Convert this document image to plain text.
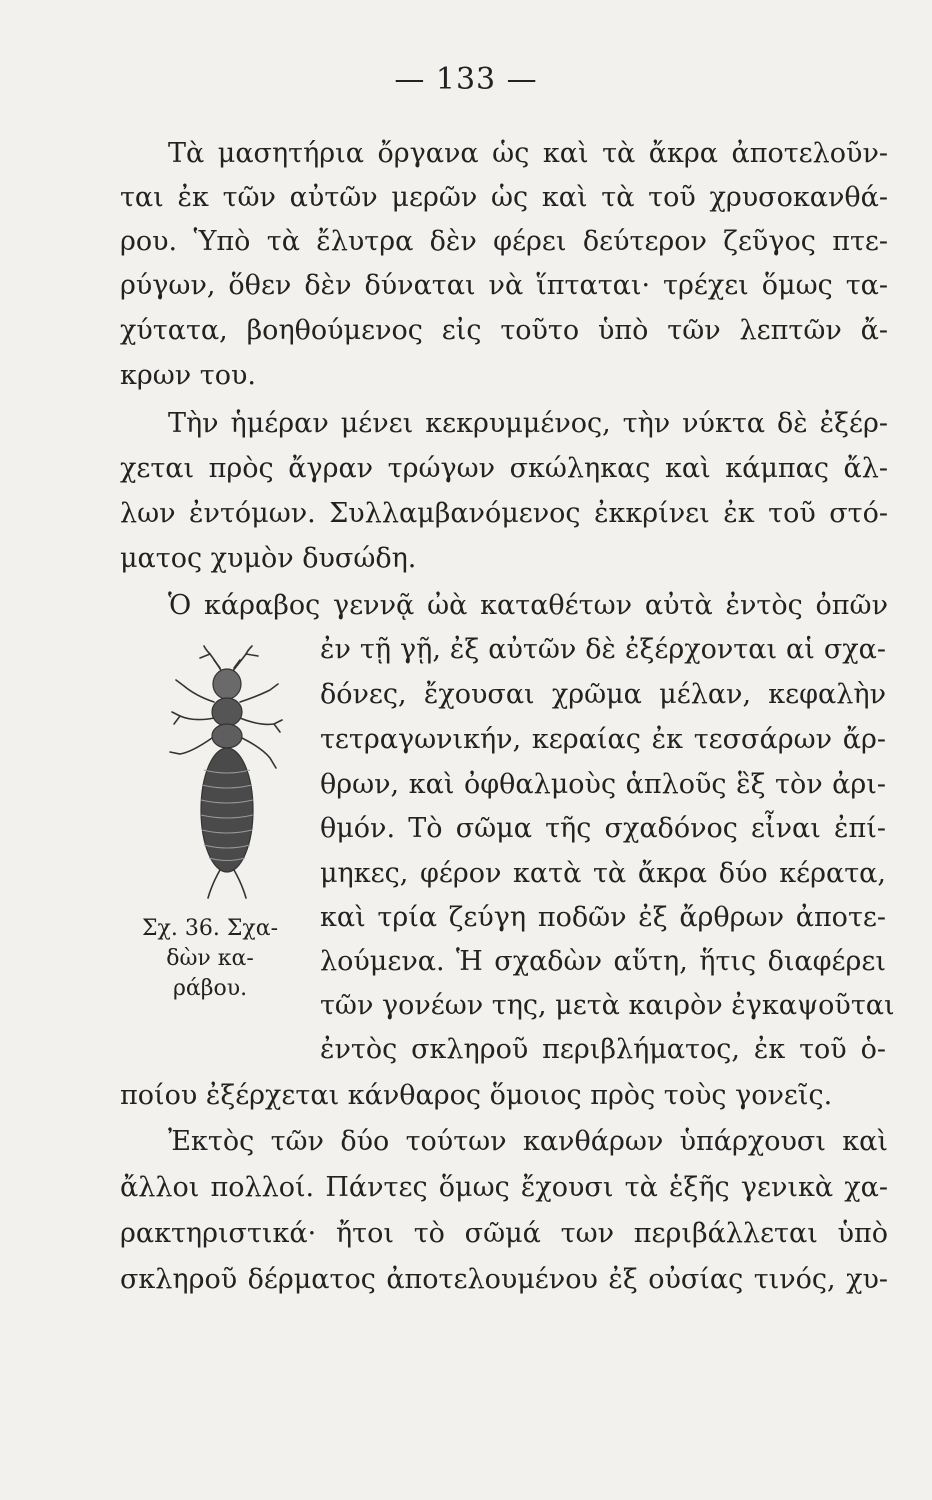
— 133 —
Τὰ μασητήρια ὄργανα ὡς καὶ τὰ ἄκρα ἀποτελοῦν-
ται ἐκ τῶν αὐτῶν μερῶν ὡς καὶ τὰ τοῦ χρυσοκανθά-
ρου. Ὑπὸ τὰ ἔλυτρα δὲν φέρει δεύτερον ζεῦγος πτε-
ρύγων, ὅθεν δὲν δύναται νὰ ἵπταται· τρέχει ὅμως τα-
χύτατα, βοηθούμενος εἰς τοῦτο ὑπὸ τῶν λεπτῶν ἄ-
κρων του.
Τὴν ἡμέραν μένει κεκρυμμένος, τὴν νύκτα δὲ ἐξέρ-
χεται πρὸς ἄγραν τρώγων σκώληκας καὶ κάμπας ἄλ-
λων ἐντόμων. Συλλαμβανόμενος ἐκκρίνει ἐκ τοῦ στό-
ματος χυμὸν δυσώδη.
Ὁ κάραβος γεννᾷ ὠὰ καταθέτων αὐτὰ ἐντὸς ὀπῶν
ἐν τῇ γῇ, ἐξ αὐτῶν δὲ ἐξέρχονται αἱ σχα-
δόνες, ἔχουσαι χρῶμα μέλαν, κεφαλὴν
τετραγωνικήν, κεραίας ἐκ τεσσάρων ἄρ-
θρων, καὶ ὀφθαλμοὺς ἁπλοῦς ἓξ τὸν ἀρι-
θμόν. Τὸ σῶμα τῆς σχαδόνος εἶναι ἐπί-
μηκες, φέρον κατὰ τὰ ἄκρα δύο κέρατα,
καὶ τρία ζεύγη ποδῶν ἐξ ἄρθρων ἀποτε-
λούμενα. Ἡ σχαδὼν αὕτη, ἥτις διαφέρει
τῶν γονέων της, μετὰ καιρὸν ἐγκαψοῦται
ἐντὸς σκληροῦ περιβλήματος, ἐκ τοῦ ὁ-
ποίου ἐξέρχεται κάνθαρος ὅμοιος πρὸς τοὺς γονεῖς.
Ἐκτὸς τῶν δύο τούτων κανθάρων ὑπάρχουσι καὶ
ἄλλοι πολλοί. Πάντες ὅμως ἔχουσι τὰ ἑξῆς γενικὰ χα-
ρακτηριστικά· ἤτοι τὸ σῶμά των περιβάλλεται ὑπὸ
σκληροῦ δέρματος ἀποτελουμένου ἐξ οὐσίας τινός, χυ-
Σχ. 36. Σχα-
δὼν κα-
ράβου.
